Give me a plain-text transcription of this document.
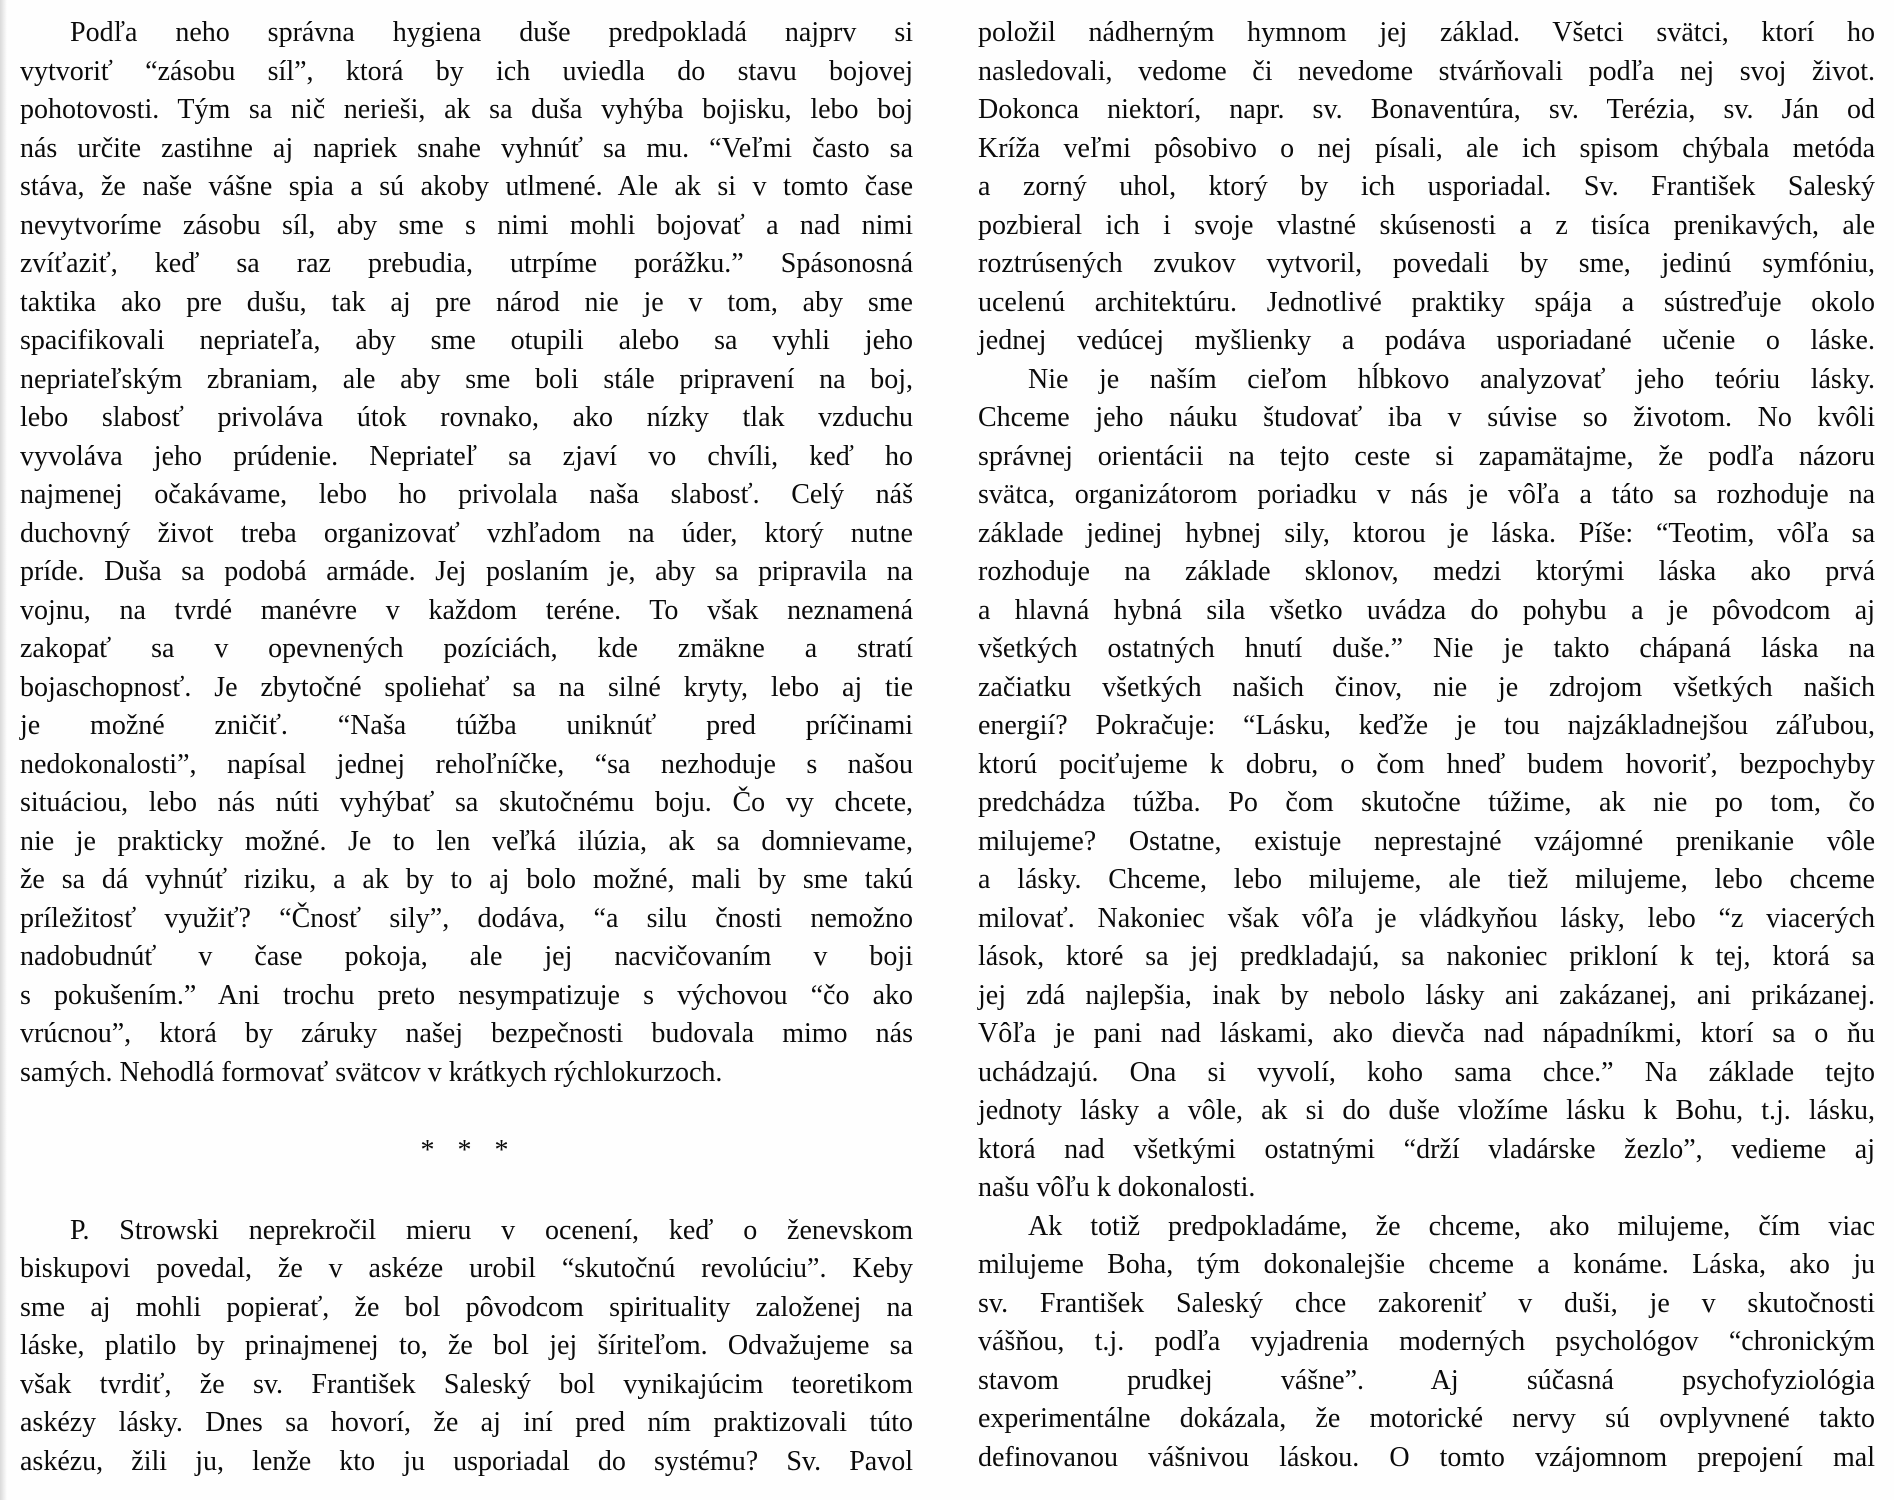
Podľa neho správna hygiena duše predpokladá najprv si
vytvoriť “zásobu síl”, ktorá by ich uviedla do stavu bojovej
pohotovosti. Tým sa nič nerieši, ak sa duša vyhýba bojisku, lebo boj
nás určite zastihne aj napriek snahe vyhnúť sa mu. “Veľmi často sa
stáva, že naše vášne spia a sú akoby utlmené. Ale ak si v tomto čase
nevytvoríme zásobu síl, aby sme s nimi mohli bojovať a nad nimi
zvíťaziť, keď sa raz prebudia, utrpíme porážku.” Spásonosná
taktika ako pre dušu, tak aj pre národ nie je v tom, aby sme
spacifikovali nepriateľa, aby sme otupili alebo sa vyhli jeho
nepriateľským zbraniam, ale aby sme boli stále pripravení na boj,
lebo slabosť privoláva útok rovnako, ako nízky tlak vzduchu
vyvoláva jeho prúdenie. Nepriateľ sa zjaví vo chvíli, keď ho
najmenej očakávame, lebo ho privolala naša slabosť. Celý náš
duchovný život treba organizovať vzhľadom na úder, ktorý nutne
príde. Duša sa podobá armáde. Jej poslaním je, aby sa pripravila na
vojnu, na tvrdé manévre v každom teréne. To však neznamená
zakopať sa v opevnených pozíciách, kde zmäkne a stratí
bojaschopnosť. Je zbytočné spoliehať sa na silné kryty, lebo aj tie
je možné zničiť. “Naša túžba uniknúť pred príčinami
nedokonalosti”, napísal jednej rehoľníčke, “sa nezhoduje s našou
situáciou, lebo nás núti vyhýbať sa skutočnému boju. Čo vy chcete,
nie je prakticky možné. Je to len veľká ilúzia, ak sa domnievame,
že sa dá vyhnúť riziku, a ak by to aj bolo možné, mali by sme takú
príležitosť využiť? “Čnosť sily”, dodáva, “a silu čnosti nemožno
nadobudnúť v čase pokoja, ale jej nacvičovaním v boji
s pokušením.” Ani trochu preto nesympatizuje s výchovou “čo ako
vrúcnou”, ktorá by záruky našej bezpečnosti budovala mimo nás
samých. Nehodlá formovať svätcov v krátkych rýchlokurzoch.
* * *
P. Strowski neprekročil mieru v ocenení, keď o ženevskom
biskupovi povedal, že v askéze urobil “skutočnú revolúciu”. Keby
sme aj mohli popierať, že bol pôvodcom spirituality založenej na
láske, platilo by prinajmenej to, že bol jej šíriteľom. Odvažujeme sa
však tvrdiť, že sv. František Saleský bol vynikajúcim teoretikom
askézy lásky. Dnes sa hovorí, že aj iní pred ním praktizovali túto
askézu, žili ju, lenže kto ju usporiadal do systému? Sv. Pavol
položil nádherným hymnom jej základ. Všetci svätci, ktorí ho
nasledovali, vedome či nevedome stvárňovali podľa nej svoj život.
Dokonca niektorí, napr. sv. Bonaventúra, sv. Terézia, sv. Ján od
Kríža veľmi pôsobivo o nej písali, ale ich spisom chýbala metóda
a zorný uhol, ktorý by ich usporiadal. Sv. František Saleský
pozbieral ich i svoje vlastné skúsenosti a z tisíca prenikavých, ale
roztrúsených zvukov vytvoril, povedali by sme, jedinú symfóniu,
ucelenú architektúru. Jednotlivé praktiky spája a sústreďuje okolo
jednej vedúcej myšlienky a podáva usporiadané učenie o láske.
Nie je naším cieľom hĺbkovo analyzovať jeho teóriu lásky.
Chceme jeho náuku študovať iba v súvise so životom. No kvôli
správnej orientácii na tejto ceste si zapamätajme, že podľa názoru
svätca, organizátorom poriadku v nás je vôľa a táto sa rozhoduje na
základe jedinej hybnej sily, ktorou je láska. Píše: “Teotim, vôľa sa
rozhoduje na základe sklonov, medzi ktorými láska ako prvá
a hlavná hybná sila všetko uvádza do pohybu a je pôvodcom aj
všetkých ostatných hnutí duše.” Nie je takto chápaná láska na
začiatku všetkých našich činov, nie je zdrojom všetkých našich
energií? Pokračuje: “Lásku, keďže je tou najzákladnejšou záľubou,
ktorú pociťujeme k dobru, o čom hneď budem hovoriť, bezpochyby
predchádza túžba. Po čom skutočne túžime, ak nie po tom, čo
milujeme? Ostatne, existuje neprestajné vzájomné prenikanie vôle
a lásky. Chceme, lebo milujeme, ale tiež milujeme, lebo chceme
milovať. Nakoniec však vôľa je vládkyňou lásky, lebo “z viacerých
lások, ktoré sa jej predkladajú, sa nakoniec prikloní k tej, ktorá sa
jej zdá najlepšia, inak by nebolo lásky ani zakázanej, ani prikázanej.
Vôľa je pani nad láskami, ako dievča nad nápadníkmi, ktorí sa o ňu
uchádzajú. Ona si vyvolí, koho sama chce.” Na základe tejto
jednoty lásky a vôle, ak si do duše vložíme lásku k Bohu, t.j. lásku,
ktorá nad všetkými ostatnými “drží vladárske žezlo”, vedieme aj
našu vôľu k dokonalosti.
Ak totiž predpokladáme, že chceme, ako milujeme, čím viac
milujeme Boha, tým dokonalejšie chceme a konáme. Láska, ako ju
sv. František Saleský chce zakoreniť v duši, je v skutočnosti
vášňou, t.j. podľa vyjadrenia moderných psychológov “chronickým
stavom prudkej vášne”. Aj súčasná psychofyziológia
experimentálne dokázala, že motorické nervy sú ovplyvnené takto
definovanou vášnivou láskou. O tomto vzájomnom prepojení mal
